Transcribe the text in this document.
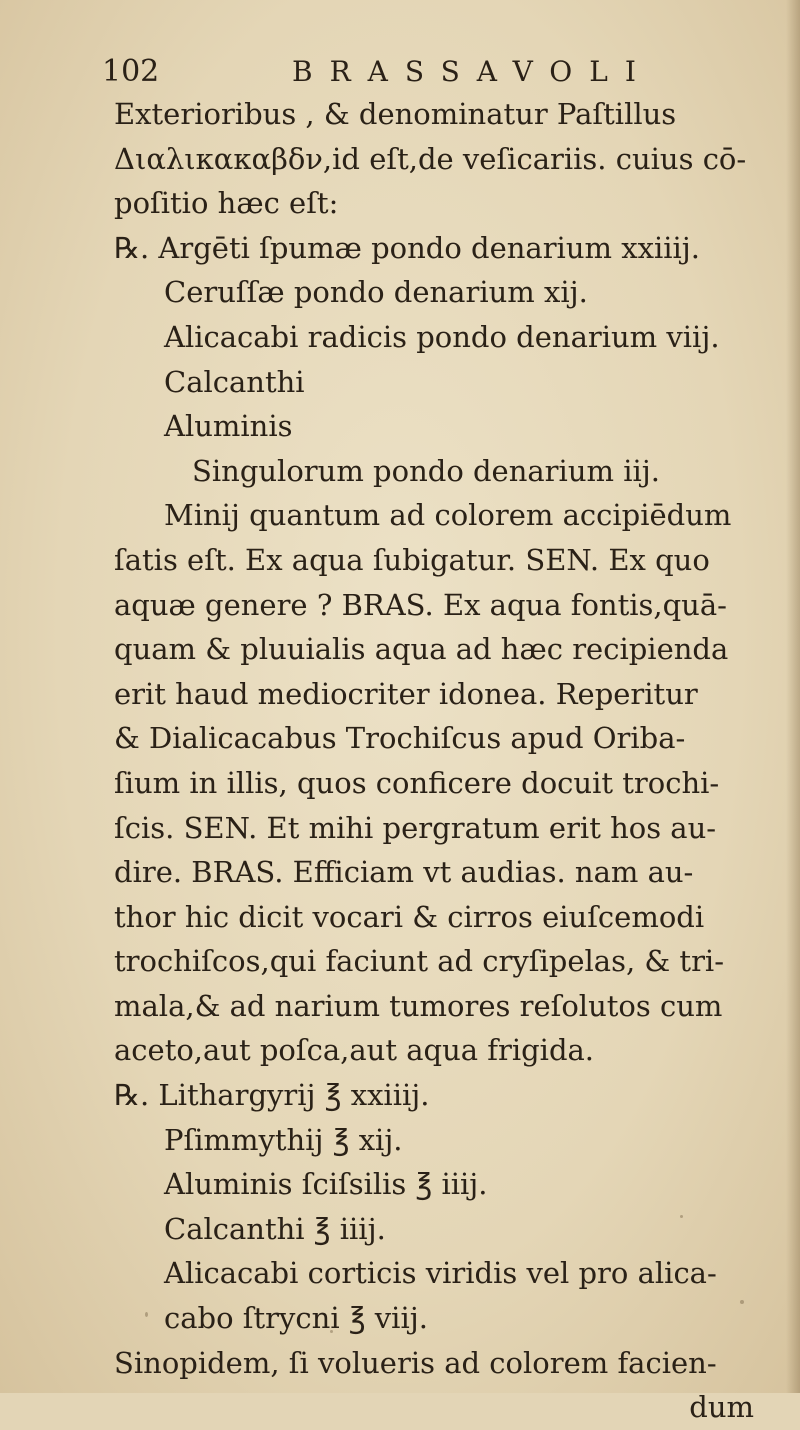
102	BRASSAVOLI
Exterioribus , & denominatur Paſtillus
Διαλικακαβδν,id eſt,de veſicariis. cuius cō-
poſitio hæc eſt:
℞. Argēti ſpumæ pondo denarium xxiiij.
Ceruſſæ pondo denarium xij.
Alicacabi radicis pondo denarium viij.
Calcanthi
Aluminis
Singulorum pondo denarium iij.
Minij quantum ad colorem accipiēdum
ſatis eſt. Ex aqua ſubigatur. SEN. Ex quo
aquæ genere ? BRAS. Ex aqua fontis,quā-
quam & pluuialis aqua ad hæc recipienda
erit haud mediocriter idonea. Reperitur
& Dialicacabus Trochiſcus apud Oriba-
ſium in illis, quos conficere docuit trochi-
ſcis. SEN. Et mihi pergratum erit hos au-
dire. BRAS. Efficiam vt audias. nam au-
thor hic dicit vocari & cirros eiuſcemodi
trochiſcos,qui faciunt ad cryſipelas, & tri-
mala,& ad narium tumores reſolutos cum
aceto,aut poſca,aut aqua frigida.
℞. Lithargyrij ℥ xxiiij.
Pſimmythij ℥ xij.
Aluminis ſciſsilis ℥ iiij.
Calcanthi ℥ iiij.
Alicacabi corticis viridis vel pro alica-
cabo ſtrycni ℥ viij.
Sinopidem, ſi volueris ad colorem facien-
dum
